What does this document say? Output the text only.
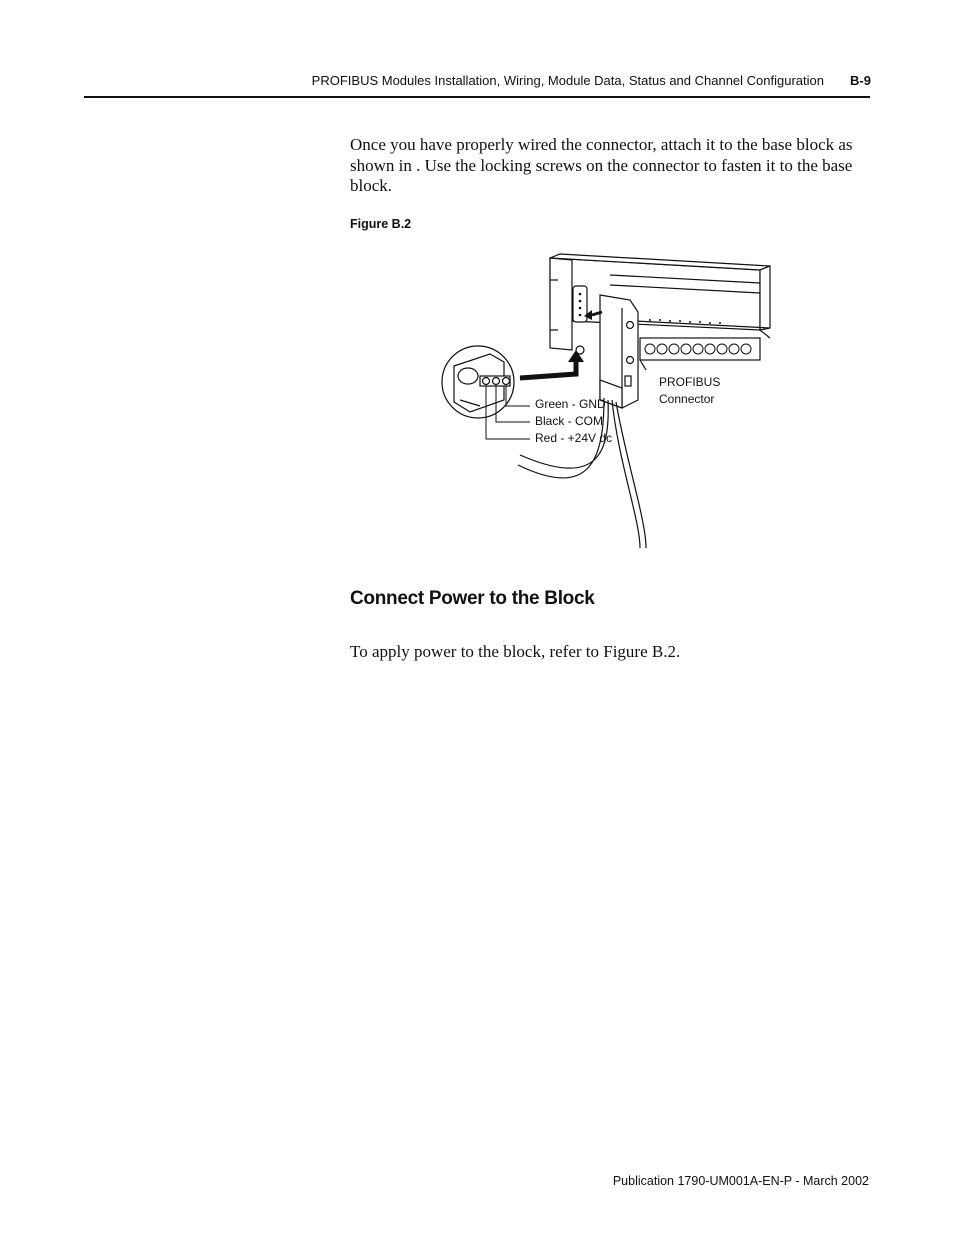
PROFIBUS Modules Installation, Wiring, Module Data, Status and Channel Configuration B-9

Once you have properly wired the connector, attach it to the base block as shown in . Use the locking screws on the connector to fasten it to the base block.

Figure B.2
Green - GND
Black - COM
Red - +24V dc
PROFIBUS
Connector
Connect Power to the Block

To apply power to the block, refer to Figure B.2.

Publication 1790-UM001A-EN-P - March 2002
